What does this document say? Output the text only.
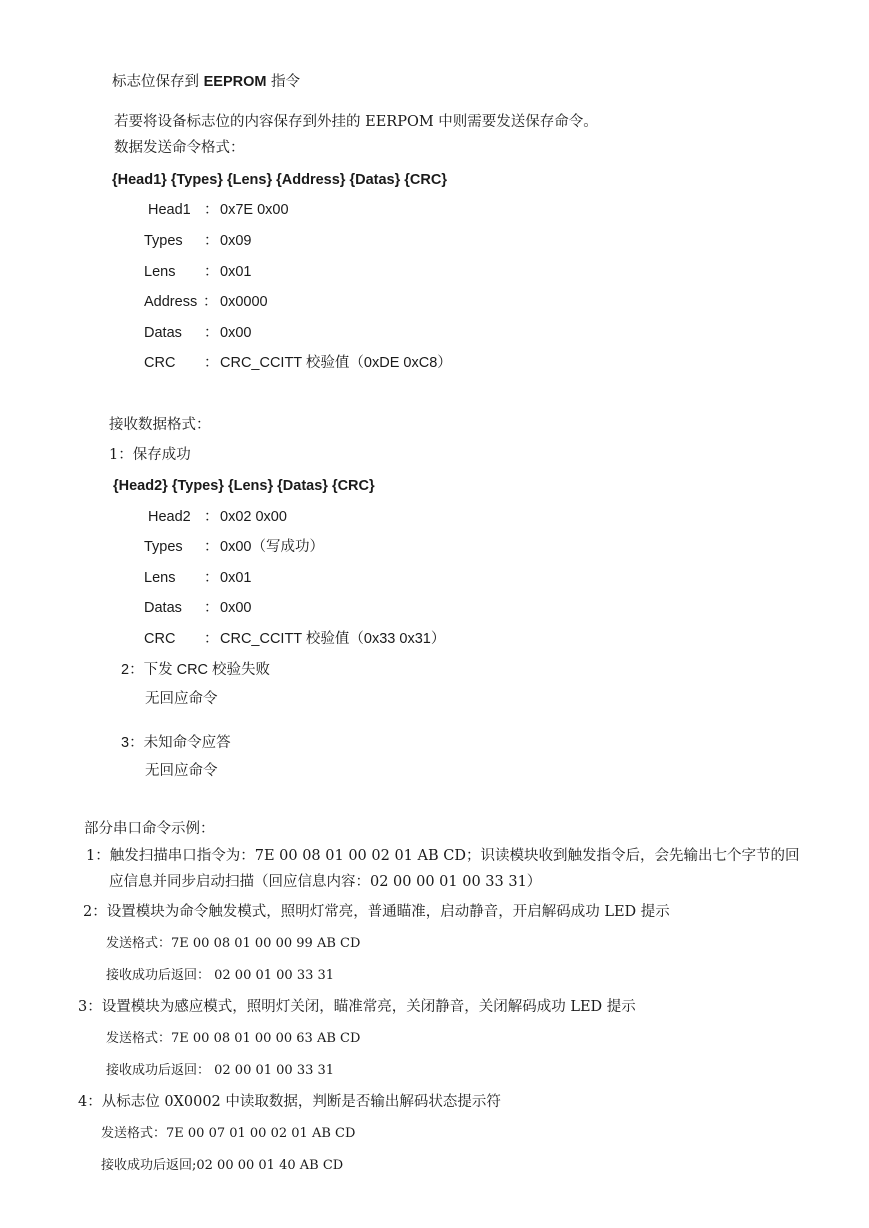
标志位保存到 EEPROM 指令
若要将设备标志位的内容保存到外挂的 EERPOM 中则需要发送保存命令。
数据发送命令格式：
{Head1} {Types} {Lens} {Address} {Datas} {CRC}
Head1 ： 0x7E 0x00
Types ： 0x09
Lens ： 0x01
Address ： 0x0000
Datas ： 0x00
CRC ： CRC_CCITT 校验值（0xDE 0xC8）
接收数据格式：
1：保存成功
{Head2} {Types} {Lens} {Datas} {CRC}
Head2 ： 0x02 0x00
Types ： 0x00（写成功）
Lens ： 0x01
Datas ： 0x00
CRC ： CRC_CCITT 校验值（0x33 0x31）
2：下发 CRC 校验失败
无回应命令
3：未知命令应答
无回应命令
部分串口命令示例：
1：触发扫描串口指令为：7E 00 08 01 00 02 01 AB CD；识读模块收到触发指令后，会先输出七个字节的回
应信息并同步启动扫描（回应信息内容：02 00 00 01 00 33 31）
2：设置模块为命令触发模式，照明灯常亮，普通瞄准，启动静音，开启解码成功 LED 提示
发送格式：7E 00 08 01 00 00 99 AB CD
接收成功后返回： 02 00 01 00 33 31
3：设置模块为感应模式，照明灯关闭，瞄准常亮，关闭静音，关闭解码成功 LED 提示
发送格式：7E 00 08 01 00 00 63 AB CD
接收成功后返回： 02 00 01 00 33 31
4：从标志位 0X0002 中读取数据，判断是否输出解码状态提示符
发送格式：7E 00 07 01 00 02 01 AB CD
接收成功后返回;02 00 00 01 40 AB CD
